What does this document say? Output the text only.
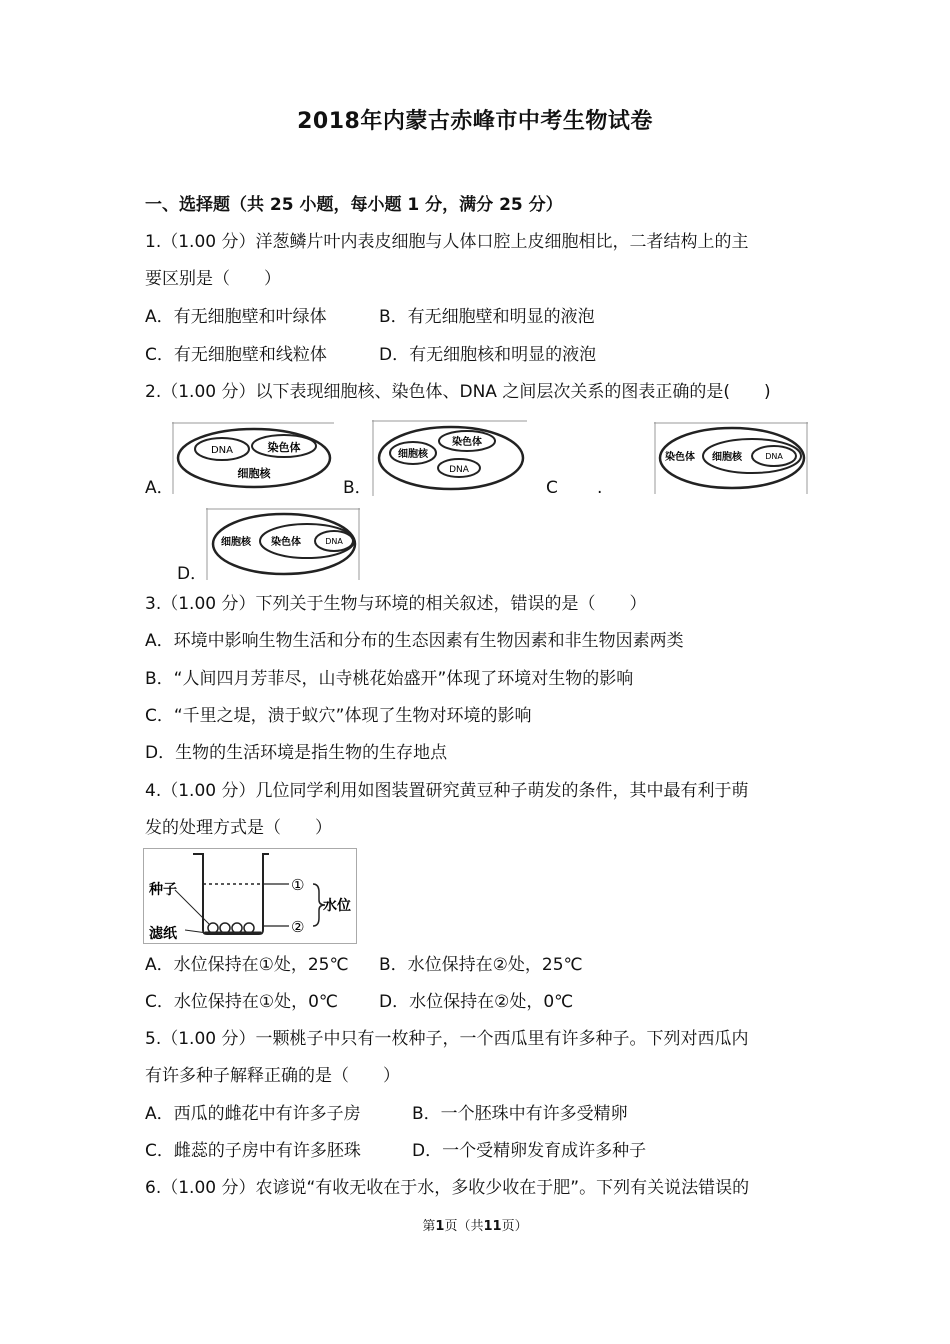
2018年内蒙古赤峰市中考生物试卷
一、选择题（共 25 小题，每小题 1 分，满分 25 分）
1.（1.00 分）洋葱鳞片叶内表皮细胞与人体口腔上皮细胞相比，二者结构上的主
要区别是（　　）
A．有无细胞壁和叶绿体	B．有无细胞壁和明显的液泡
C．有无细胞壁和线粒体	D．有无细胞核和明显的液泡
2.（1.00 分）以下表现细胞核、染色体、DNA 之间层次关系的图表正确的是(　　)
A．
DNA	染色体
细胞核
B．
细胞核
染色体
DNA
C .
染色体 细胞核	DNA
D．
细胞核 染色体	DNA
3.（1.00 分）下列关于生物与环境的相关叙述，错误的是（　　）
A．环境中影响生物生活和分布的生态因素有生物因素和非生物因素两类
B．“人间四月芳菲尽，山寺桃花始盛开”体现了环境对生物的影响
C．“千里之堤，溃于蚁穴”体现了生物对环境的影响
D．生物的生活环境是指生物的生存地点
4.（1.00 分）几位同学利用如图装置研究黄豆种子萌发的条件，其中最有利于萌
发的处理方式是（　　）
种子
滤纸
①
②
水位
A．水位保持在①处，25℃ B．水位保持在②处，25℃
C．水位保持在①处，0℃ D．水位保持在②处，0℃
5.（1.00 分）一颗桃子中只有一枚种子，一个西瓜里有许多种子。下列对西瓜内
有许多种子解释正确的是（　　）
A．西瓜的雌花中有许多子房	B．一个胚珠中有许多受精卵
C．雌蕊的子房中有许多胚珠	D．一个受精卵发育成许多种子
6.（1.00 分）农谚说“有收无收在于水，多收少收在于肥”。下列有关说法错误的
第1页（共11页）
